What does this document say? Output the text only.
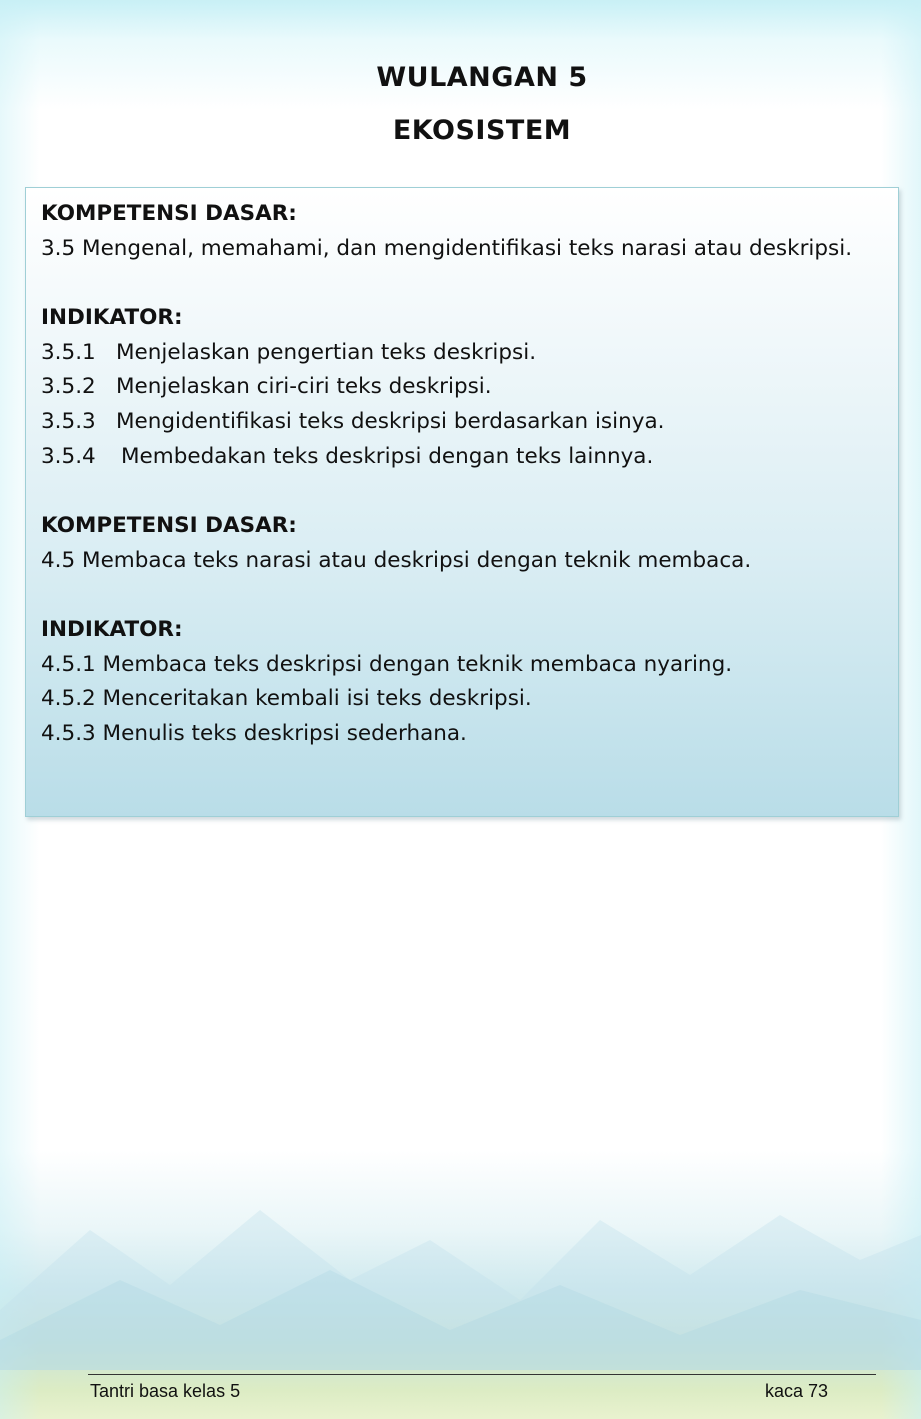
WULANGAN 5
EKOSISTEM
KOMPETENSI DASAR:
3.5 Mengenal, memahami, dan mengidentifikasi teks narasi atau deskripsi.
INDIKATOR:
3.5.1 Menjelaskan pengertian teks deskripsi.
3.5.2 Menjelaskan ciri-ciri teks deskripsi.
3.5.3 Mengidentifikasi teks deskripsi berdasarkan isinya.
3.5.4 Membedakan teks deskripsi dengan teks lainnya.
KOMPETENSI DASAR:
4.5 Membaca teks narasi atau deskripsi dengan teknik membaca.
INDIKATOR:
4.5.1 Membaca teks deskripsi dengan teknik membaca nyaring.
4.5.2 Menceritakan kembali isi teks deskripsi.
4.5.3 Menulis teks deskripsi sederhana.
Tantri basa kelas 5	kaca 73
